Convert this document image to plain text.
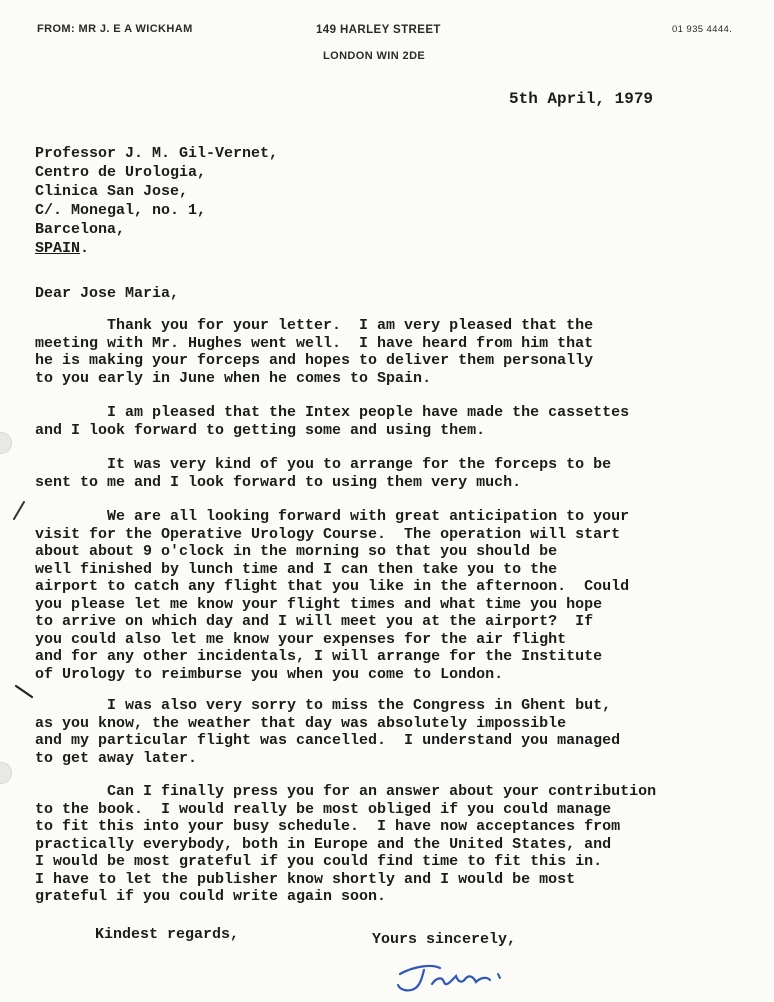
FROM: MR J. E A WICKHAM	149 HARLEY STREET
LONDON WIN 2DE
01 935 4444.
5th April, 1979
Professor J. M. Gil-Vernet,
Centro de Urologia,
Clinica San Jose,
C/. Monegal, no. 1,
Barcelona,
SPAIN.
Dear Jose Maria,
Thank you for your letter.  I am very pleased that the
meeting with Mr. Hughes went well.  I have heard from him that
he is making your forceps and hopes to deliver them personally
to you early in June when he comes to Spain.
I am pleased that the Intex people have made the cassettes
and I look forward to getting some and using them.
It was very kind of you to arrange for the forceps to be
sent to me and I look forward to using them very much.
We are all looking forward with great anticipation to your
visit for the Operative Urology Course.  The operation will start
about about 9 o'clock in the morning so that you should be
well finished by lunch time and I can then take you to the
airport to catch any flight that you like in the afternoon.  Could
you please let me know your flight times and what time you hope
to arrive on which day and I will meet you at the airport?  If
you could also let me know your expenses for the air flight
and for any other incidentals, I will arrange for the Institute
of Urology to reimburse you when you come to London.
I was also very sorry to miss the Congress in Ghent but,
as you know, the weather that day was absolutely impossible
and my particular flight was cancelled.  I understand you managed
to get away later.
Can I finally press you for an answer about your contribution
to the book.  I would really be most obliged if you could manage
to fit this into your busy schedule.  I have now acceptances from
practically everybody, both in Europe and the United States, and
I would be most grateful if you could find time to fit this in.
I have to let the publisher know shortly and I would be most
grateful if you could write again soon.
Kindest regards,	Yours sincerely,
